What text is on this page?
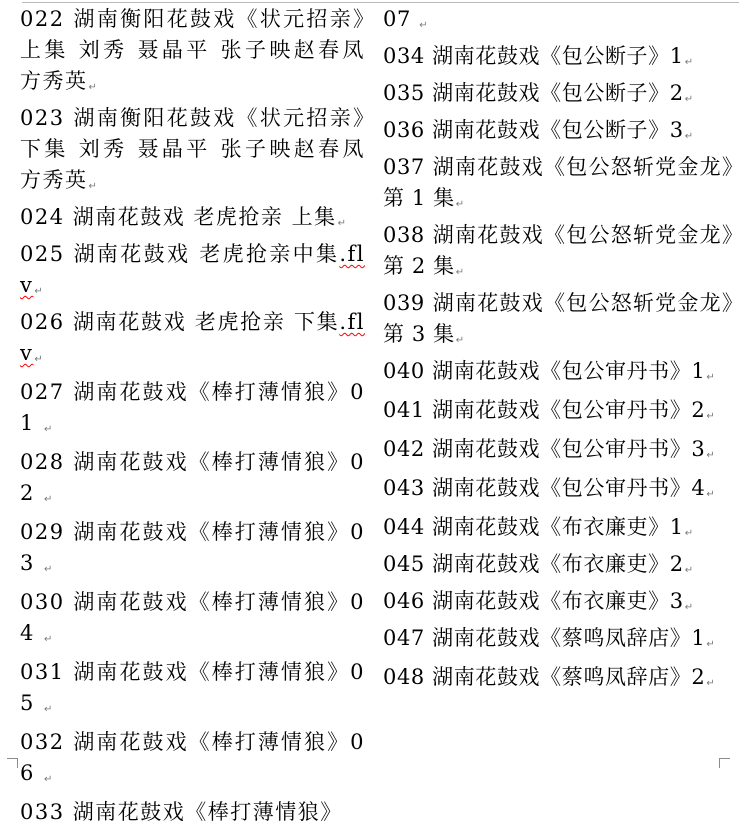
022 湖南衡阳花鼓戏《状元招亲》上集 刘秀 聂晶平 张子映赵春凤 方秀英↵

023 湖南衡阳花鼓戏《状元招亲》下集 刘秀 聂晶平 张子映赵春凤 方秀英↵

024 湖南花鼓戏 老虎抢亲 上集↵

025 湖南花鼓戏 老虎抢亲中集.flv↵

026 湖南花鼓戏 老虎抢亲 下集.flv↵

027 湖南花鼓戏《棒打薄情狼》01 ↵

028 湖南花鼓戏《棒打薄情狼》02 ↵

029 湖南花鼓戏《棒打薄情狼》03 ↵

030 湖南花鼓戏《棒打薄情狼》04 ↵

031 湖南花鼓戏《棒打薄情狼》05 ↵

032 湖南花鼓戏《棒打薄情狼》06 ↵

033 湖南花鼓戏《棒打薄情狼》

07 ↵

034 湖南花鼓戏《包公断子》1↵

035 湖南花鼓戏《包公断子》2↵

036 湖南花鼓戏《包公断子》3↵

037 湖南花鼓戏《包公怒斩党金龙》第 1 集↵

038 湖南花鼓戏《包公怒斩党金龙》第 2 集↵

039 湖南花鼓戏《包公怒斩党金龙》第 3 集↵

040 湖南花鼓戏《包公审丹书》1↵

041 湖南花鼓戏《包公审丹书》2↵

042 湖南花鼓戏《包公审丹书》3↵

043 湖南花鼓戏《包公审丹书》4↵

044 湖南花鼓戏《布衣廉吏》1↵

045 湖南花鼓戏《布衣廉吏》2↵

046 湖南花鼓戏《布衣廉吏》3↵

047 湖南花鼓戏《蔡鸣凤辞店》1↵

048 湖南花鼓戏《蔡鸣凤辞店》2↵
